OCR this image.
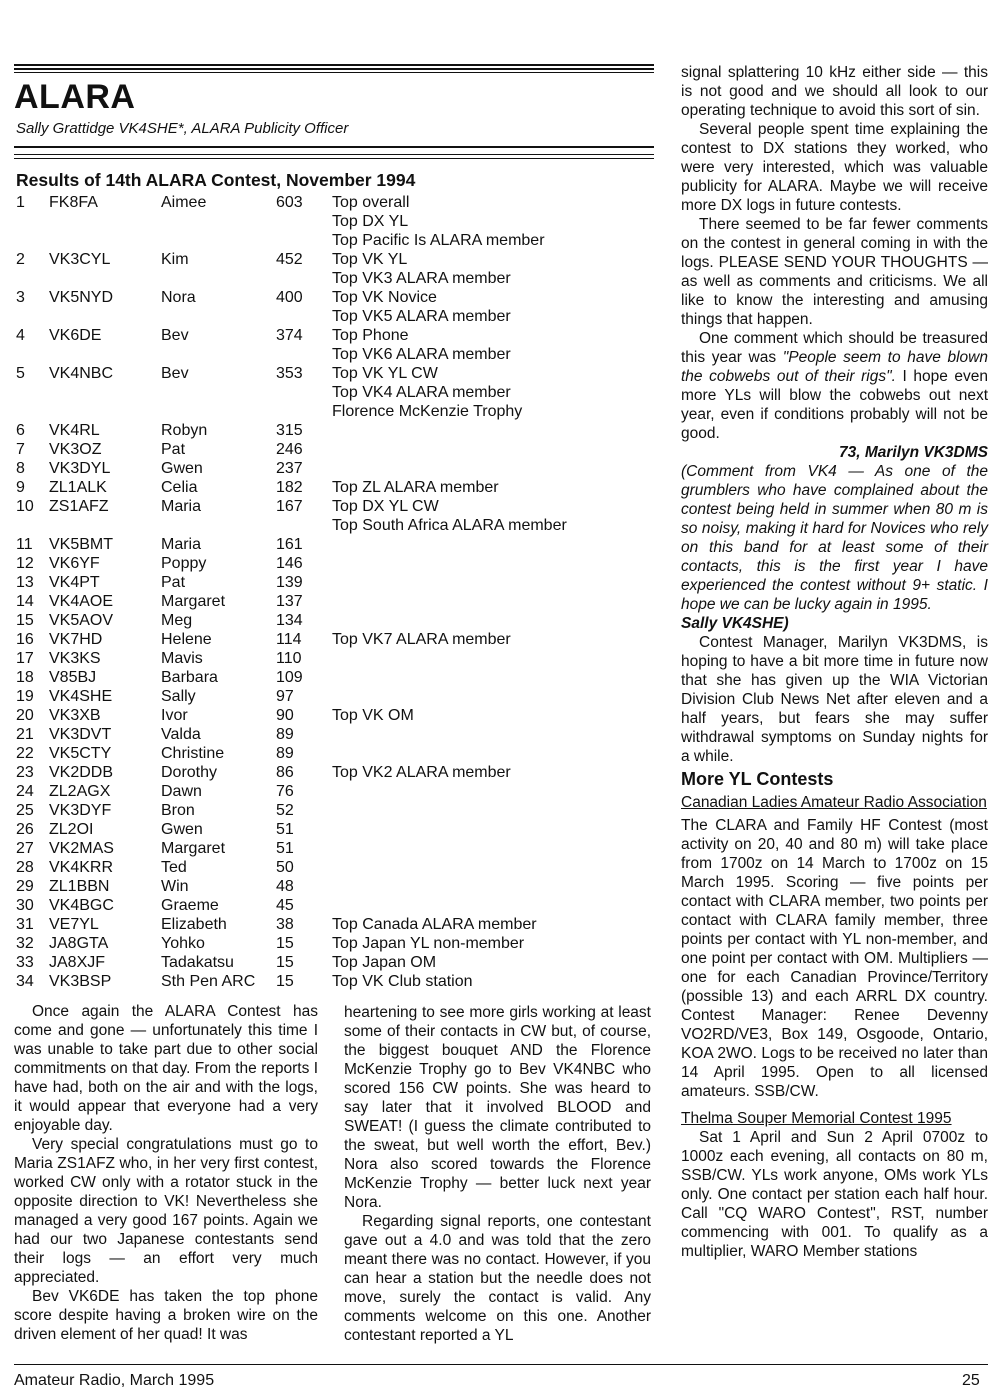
ALARA
Sally Grattidge VK4SHE*, ALARA Publicity Officer
Results of 14th ALARA Contest, November 1994
1	FK8FA	Aimee	603	Top overall
Top DX YL
Top Pacific Is ALARA member
2	VK3CYL	Kim	452	Top VK YL
Top VK3 ALARA member
3	VK5NYD	Nora	400	Top VK Novice
Top VK5 ALARA member
4	VK6DE	Bev	374	Top Phone
Top VK6 ALARA member
5	VK4NBC	Bev	353	Top VK YL CW
Top VK4 ALARA member
Florence McKenzie Trophy
6	VK4RL	Robyn	315
7	VK3OZ	Pat	246
8	VK3DYL	Gwen	237
9	ZL1ALK	Celia	182	Top ZL ALARA member
10 ZS1AFZ	Maria	167	Top DX YL CW
Top South Africa ALARA member
11	VK5BMT	Maria	161
12 VK6YF	Poppy	146
13 VK4PT	Pat	139
14 VK4AOE	Margaret	137
15 VK5AOV	Meg	134
16 VK7HD	Helene	114	Top VK7 ALARA member
17 VK3KS	Mavis	110
18 V85BJ	Barbara	109
19 VK4SHE	Sally	97
20 VK3XB	Ivor	90	Top VK OM
21 VK3DVT	Valda	89
22 VK5CTY	Christine	89
23 VK2DDB	Dorothy	86	Top VK2 ALARA member
24 ZL2AGX	Dawn	76
25 VK3DYF	Bron	52
26 ZL2OI	Gwen	51
27 VK2MAS	Margaret	51
28 VK4KRR	Ted	50
29 ZL1BBN	Win	48
30 VK4BGC	Graeme	45
31 VE7YL	Elizabeth	38	Top Canada ALARA member
32 JA8GTA	Yohko	15	Top Japan YL non-member
33 JA8XJF	Tadakatsu	15	Top Japan OM
34 VK3BSP	Sth Pen ARC	15	Top VK Club station

Once again the ALARA Contest has come and gone — unfortunately this time I was unable to take part due to other social commitments on that day. From the reports I have had, both on the air and with the logs, it would appear that everyone had a very enjoyable day.

Very special congratulations must go to Maria ZS1AFZ who, in her very first contest, worked CW only with a rotator stuck in the opposite direction to VK! Nevertheless she managed a very good 167 points. Again we had our two Japanese contestants send their logs — an effort very much appreciated.

Bev VK6DE has taken the top phone score despite having a broken wire on the driven element of her quad! It was

heartening to see more girls working at least some of their contacts in CW but, of course, the biggest bouquet AND the Florence McKenzie Trophy go to Bev VK4NBC who scored 156 CW points. She was heard to say later that it involved BLOOD and SWEAT! (I guess the climate contributed to the sweat, but well worth the effort, Bev.) Nora also scored towards the Florence McKenzie Trophy — better luck next year Nora.

Regarding signal reports, one contestant gave out a 4.0 and was told that the zero meant there was no contact. However, if you can hear a station but the needle does not move, surely the contact is valid. Any comments welcome on this one. Another contestant reported a YL

signal splattering 10 kHz either side — this is not good and we should all look to our operating technique to avoid this sort of sin.

Several people spent time explaining the contest to DX stations they worked, who were very interested, which was valuable publicity for ALARA. Maybe we will receive more DX logs in future contests.

There seemed to be far fewer comments on the contest in general coming in with the logs. PLEASE SEND YOUR THOUGHTS — as well as comments and criticisms. We all like to know the interesting and amusing things that happen.

One comment which should be treasured this year was "People seem to have blown the cobwebs out of their rigs". I hope even more YLs will blow the cobwebs out next year, even if conditions probably will not be good.

73, Marilyn VK3DMS

(Comment from VK4 — As one of the grumblers who have complained about the contest being held in summer when 80 m is so noisy, making it hard for Novices who rely on this band for at least some of their contacts, this is the first year I have experienced the contest without 9+ static. I hope we can be lucky again in 1995.

Sally VK4SHE)

Contest Manager, Marilyn VK3DMS, is hoping to have a bit more time in future now that she has given up the WIA Victorian Division Club News Net after eleven and a half years, but fears she may suffer withdrawal symptoms on Sunday nights for a while.

More YL Contests

Canadian Ladies Amateur Radio Association

The CLARA and Family HF Contest (most activity on 20, 40 and 80 m) will take place from 1700z on 14 March to 1700z on 15 March 1995. Scoring — five points per contact with CLARA member, two points per contact with CLARA family member, three points per contact with YL non-member, and one point per contact with OM. Multipliers — one for each Canadian Province/Territory (possible 13) and each ARRL DX country. Contest Manager: Renee Devenny VO2RD/VE3, Box 149, Osgoode, Ontario, KOA 2WO. Logs to be received no later than 14 April 1995. Open to all licensed amateurs. SSB/CW.

Thelma Souper Memorial Contest 1995

Sat 1 April and Sun 2 April 0700z to 1000z each evening, all contacts on 80 m, SSB/CW. YLs work anyone, OMs work YLs only. One contact per station each half hour. Call "CQ WARO Contest", RST, number commencing with 001. To qualify as a multiplier, WARO Member stations

Amateur Radio, March 1995	25
